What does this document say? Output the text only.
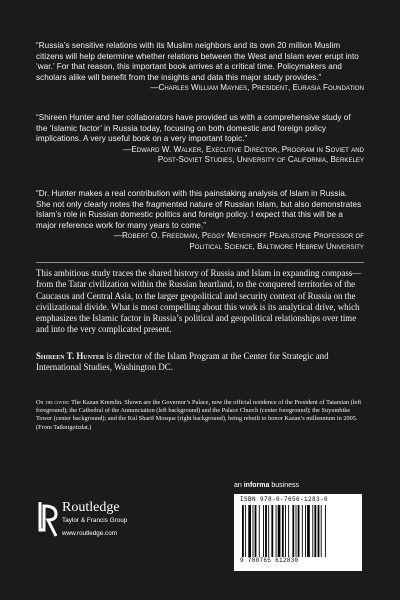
“Russia’s sensitive relations with its Muslim neighbors and its own 20 million Muslim citizens will help determine whether relations between the West and Islam ever erupt into ‘war.’ For that reason, this important book arrives at a critical time. Policymakers and scholars alike will benefit from the insights and data this major study provides.”

—Charles William Maynes, President, Eurasia Foundation

“Shireen Hunter and her collaborators have provided us with a comprehensive study of the ‘Islamic factor’ in Russia today, focusing on both domestic and foreign policy implications. A very useful book on a very important topic.”

—Edward W. Walker, Executive Director, Program in Soviet and
Post-Soviet Studies, University of California, Berkeley

“Dr. Hunter makes a real contribution with this painstaking analysis of Islam in Russia. She not only clearly notes the fragmented nature of Russian Islam, but also demonstrates Islam’s role in Russian domestic politics and foreign policy. I expect that this will be a major reference work for many years to come.”

—Robert O. Freedman, Peggy Meyerhoff Pearlstone Professor of
Political Science, Baltimore Hebrew University

This ambitious study traces the shared history of Russia and Islam in expanding compass—from the Tatar civilization within the Russian heartland, to the conquered territories of the Caucasus and Central Asia, to the larger geopolitical and security context of Russia on the civilizational divide. What is most compelling about this work is its analytical drive, which emphasizes the Islamic factor in Russia’s political and geopolitical relationships over time and into the very complicated present.

Shireen T. Hunter is director of the Islam Program at the Center for Strategic and International Studies, Washington DC.

On the cover: The Kazan Kremlin. Shown are the Governor’s Palace, now the official residence of the President of Tatarstan (left foreground); the Cathedral of the Annunciation (left background) and the Palace Church (center foreground); the Suyumbike Tower (center background); and the Kul Sharif Mosque (right background), being rebuilt to honor Kazan’s millennium in 2005. (From Tatknigoizdat.)

an informa business
Routledge
Taylor & Francis Group
www.routledge.com
ISBN 978-0-7656-1283-0
9 780765 612830
